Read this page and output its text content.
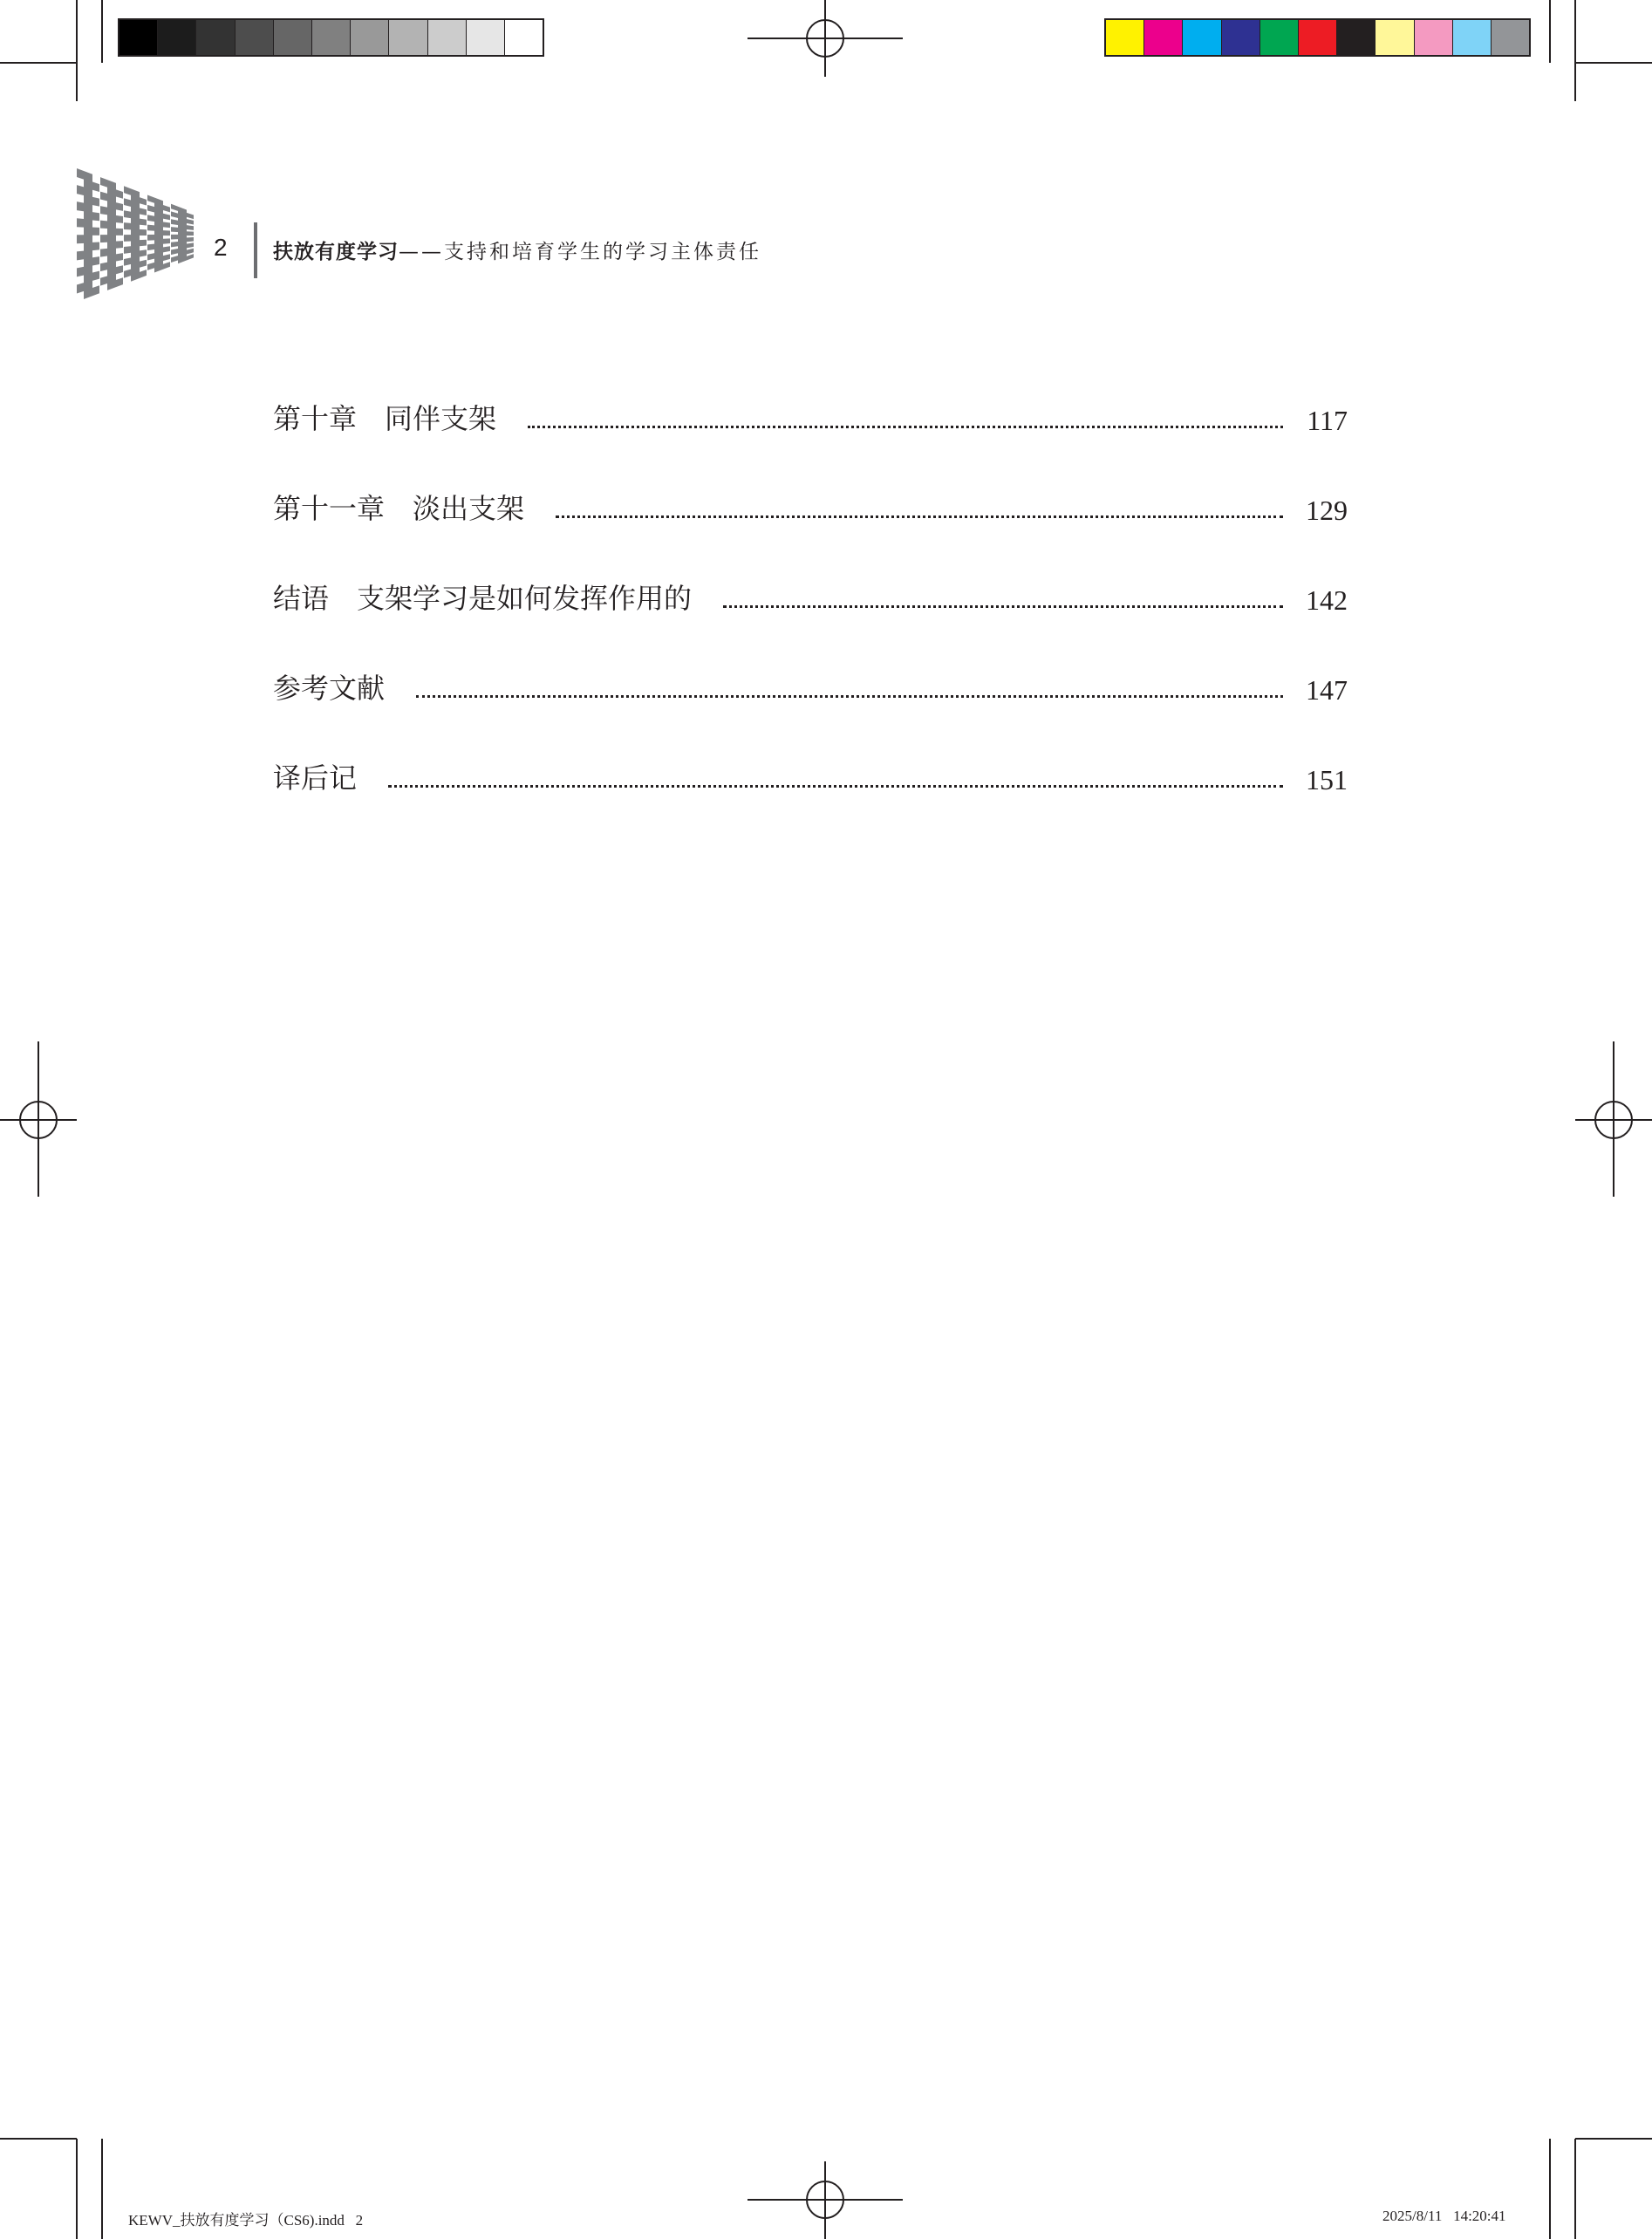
2 扶放有度学习——支持和培育学生的学习主体责任
第十章　同伴支架	117
第十一章　淡出支架	129
结语　支架学习是如何发挥作用的	142
参考文献	147
译后记	151
KEWV_扶放有度学习（CS6).indd   2	2025/8/11   14:20:41
